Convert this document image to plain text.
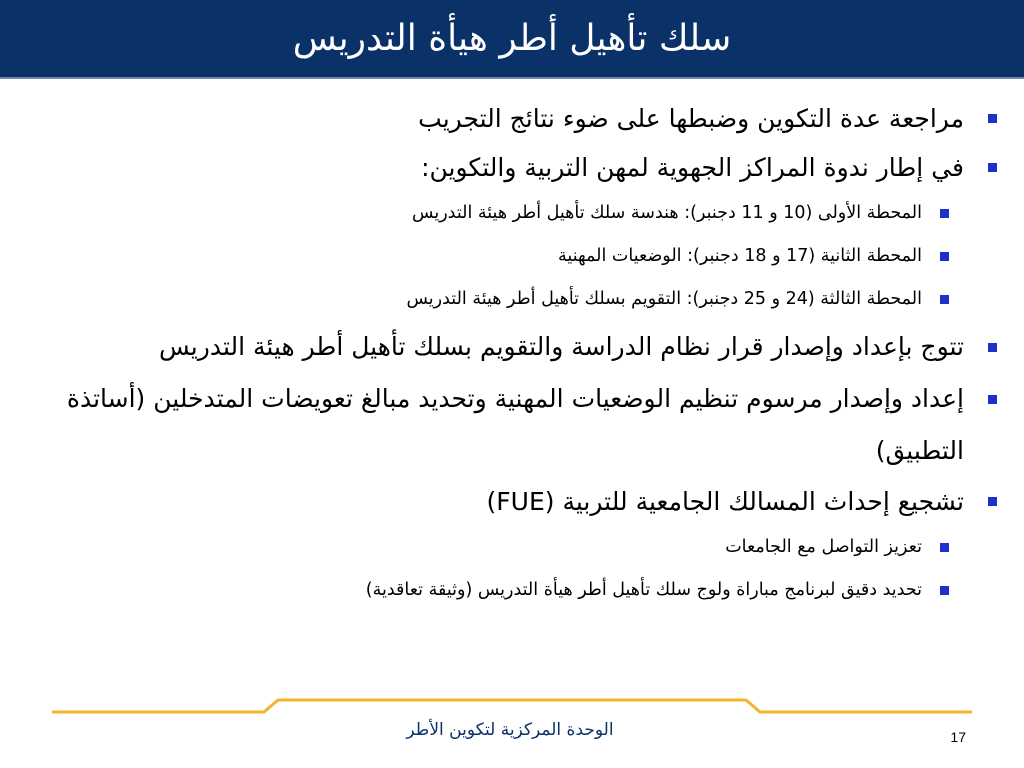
سلك تأهيل أطر هيأة التدريس
مراجعة عدة التكوين وضبطها على ضوء نتائج التجريب
في إطار ندوة المراكز الجهوية لمهن التربية والتكوين:
المحطة الأولى (10 و 11 دجنبر): هندسة سلك تأهيل أطر هيئة التدريس
المحطة الثانية (17 و 18 دجنبر): الوضعيات المهنية
المحطة الثالثة (24 و 25 دجنبر): التقويم بسلك تأهيل أطر هيئة التدريس
تتوج بإعداد وإصدار قرار نظام الدراسة والتقويم بسلك تأهيل أطر هيئة التدريس
إعداد وإصدار مرسوم تنظيم الوضعيات المهنية وتحديد مبالغ تعويضات المتدخلين (أساتذة التطبيق)
تشجيع إحداث المسالك الجامعية للتربية (FUE)
تعزيز التواصل مع الجامعات
تحديد دقيق لبرنامج مباراة ولوج سلك تأهيل أطر هيأة التدريس (وثيقة تعاقدية)
الوحدة المركزية لتكوين الأطر	17
